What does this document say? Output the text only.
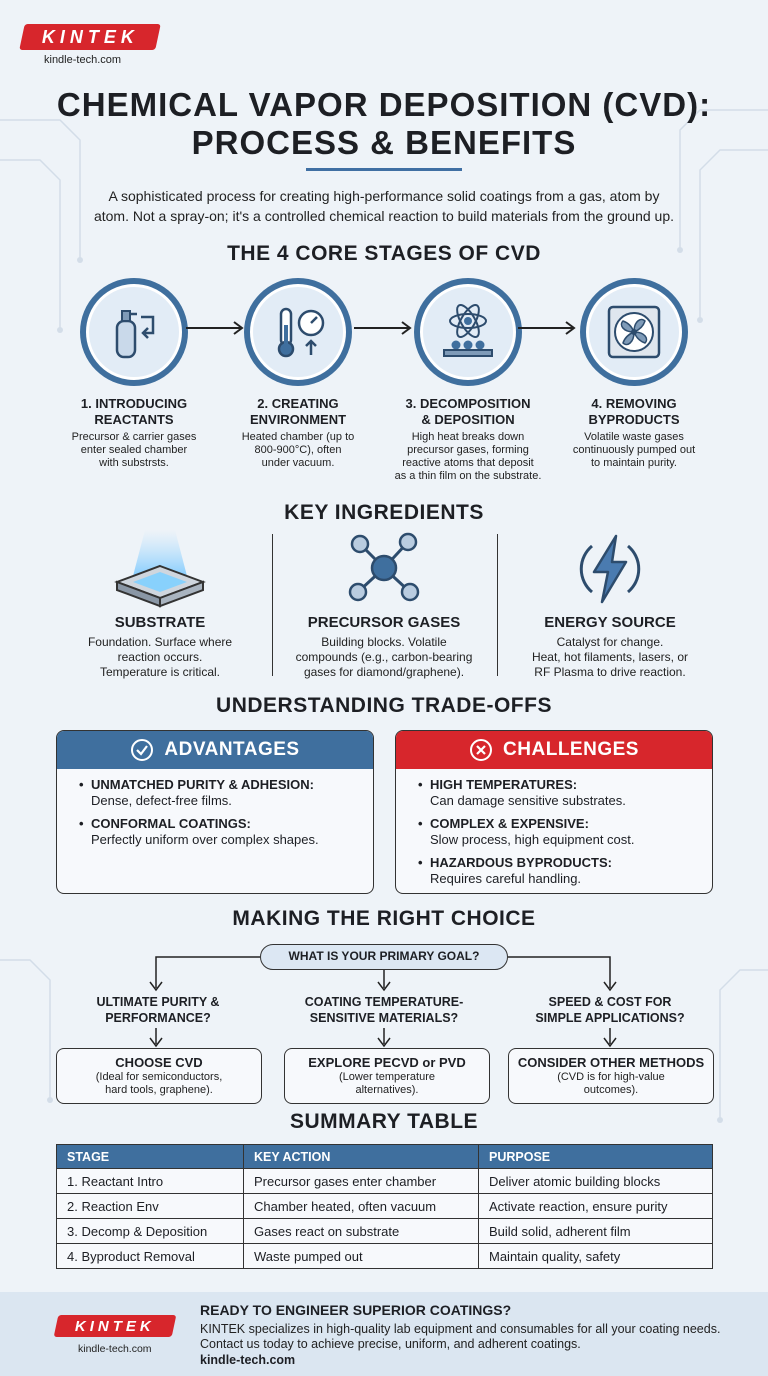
KINTEK
kindle-tech.com
CHEMICAL VAPOR DEPOSITION (CVD):
PROCESS & BENEFITS
A sophisticated process for creating high-performance solid coatings from a gas, atom by
atom. Not a spray-on; it's a controlled chemical reaction to build materials from the ground up.
THE 4 CORE STAGES OF CVD
1. INTRODUCING
REACTANTS
Precursor & carrier gases
enter sealed chamber
with substrsts.
2. CREATING
ENVIRONMENT
Heated chamber (up to
800-900°C), often
under vacuum.
3. DECOMPOSITION
& DEPOSITION
High heat breaks down
precursor gases, forming
reactive atoms that deposit
as a thin film on the substrate.
4. REMOVING
BYPRODUCTS
Volatile waste gases
continuously pumped out
to maintain purity.
KEY INGREDIENTS
SUBSTRATE
Foundation. Surface where
reaction occurs.
Temperature is critical.
PRECURSOR GASES
Building blocks. Volatile
compounds (e.g., carbon-bearing
gases for diamond/graphene).
ENERGY SOURCE
Catalyst for change.
Heat, hot filaments, lasers, or
RF Plasma to drive reaction.
UNDERSTANDING TRADE-OFFS
ADVANTAGES
• UNMATCHED PURITY & ADHESION:
Dense, defect-free films.
• CONFORMAL COATINGS:
Perfectly uniform over complex shapes.
CHALLENGES
• HIGH TEMPERATURES:
Can damage sensitive substrates.
• COMPLEX & EXPENSIVE:
Slow process, high equipment cost.
• HAZARDOUS BYPRODUCTS:
Requires careful handling.
MAKING THE RIGHT CHOICE
WHAT IS YOUR PRIMARY GOAL?
ULTIMATE PURITY &
PERFORMANCE?
COATING TEMPERATURE-
SENSITIVE MATERIALS?
SPEED & COST FOR
SIMPLE APPLICATIONS?
CHOOSE CVD
(Ideal for semiconductors,
hard tools, graphene).
EXPLORE PECVD or PVD
(Lower temperature
alternatives).
CONSIDER OTHER METHODS
(CVD is for high-value
outcomes).
SUMMARY TABLE
STAGE	KEY ACTION	PURPOSE
1. Reactant Intro	Precursor gases enter chamber	Deliver atomic building blocks
2. Reaction Env	Chamber heated, often vacuum	Activate reaction, ensure purity
3. Decomp & Deposition	Gases react on substrate	Build solid, adherent film
4. Byproduct Removal	Waste pumped out	Maintain quality, safety
KINTEK
kindle-tech.com
READY TO ENGINEER SUPERIOR COATINGS?
KINTEK specializes in high-quality lab equipment and consumables for all your coating needs. Contact us today to achieve precise, uniform, and adherent coatings.
kindle-tech.com
